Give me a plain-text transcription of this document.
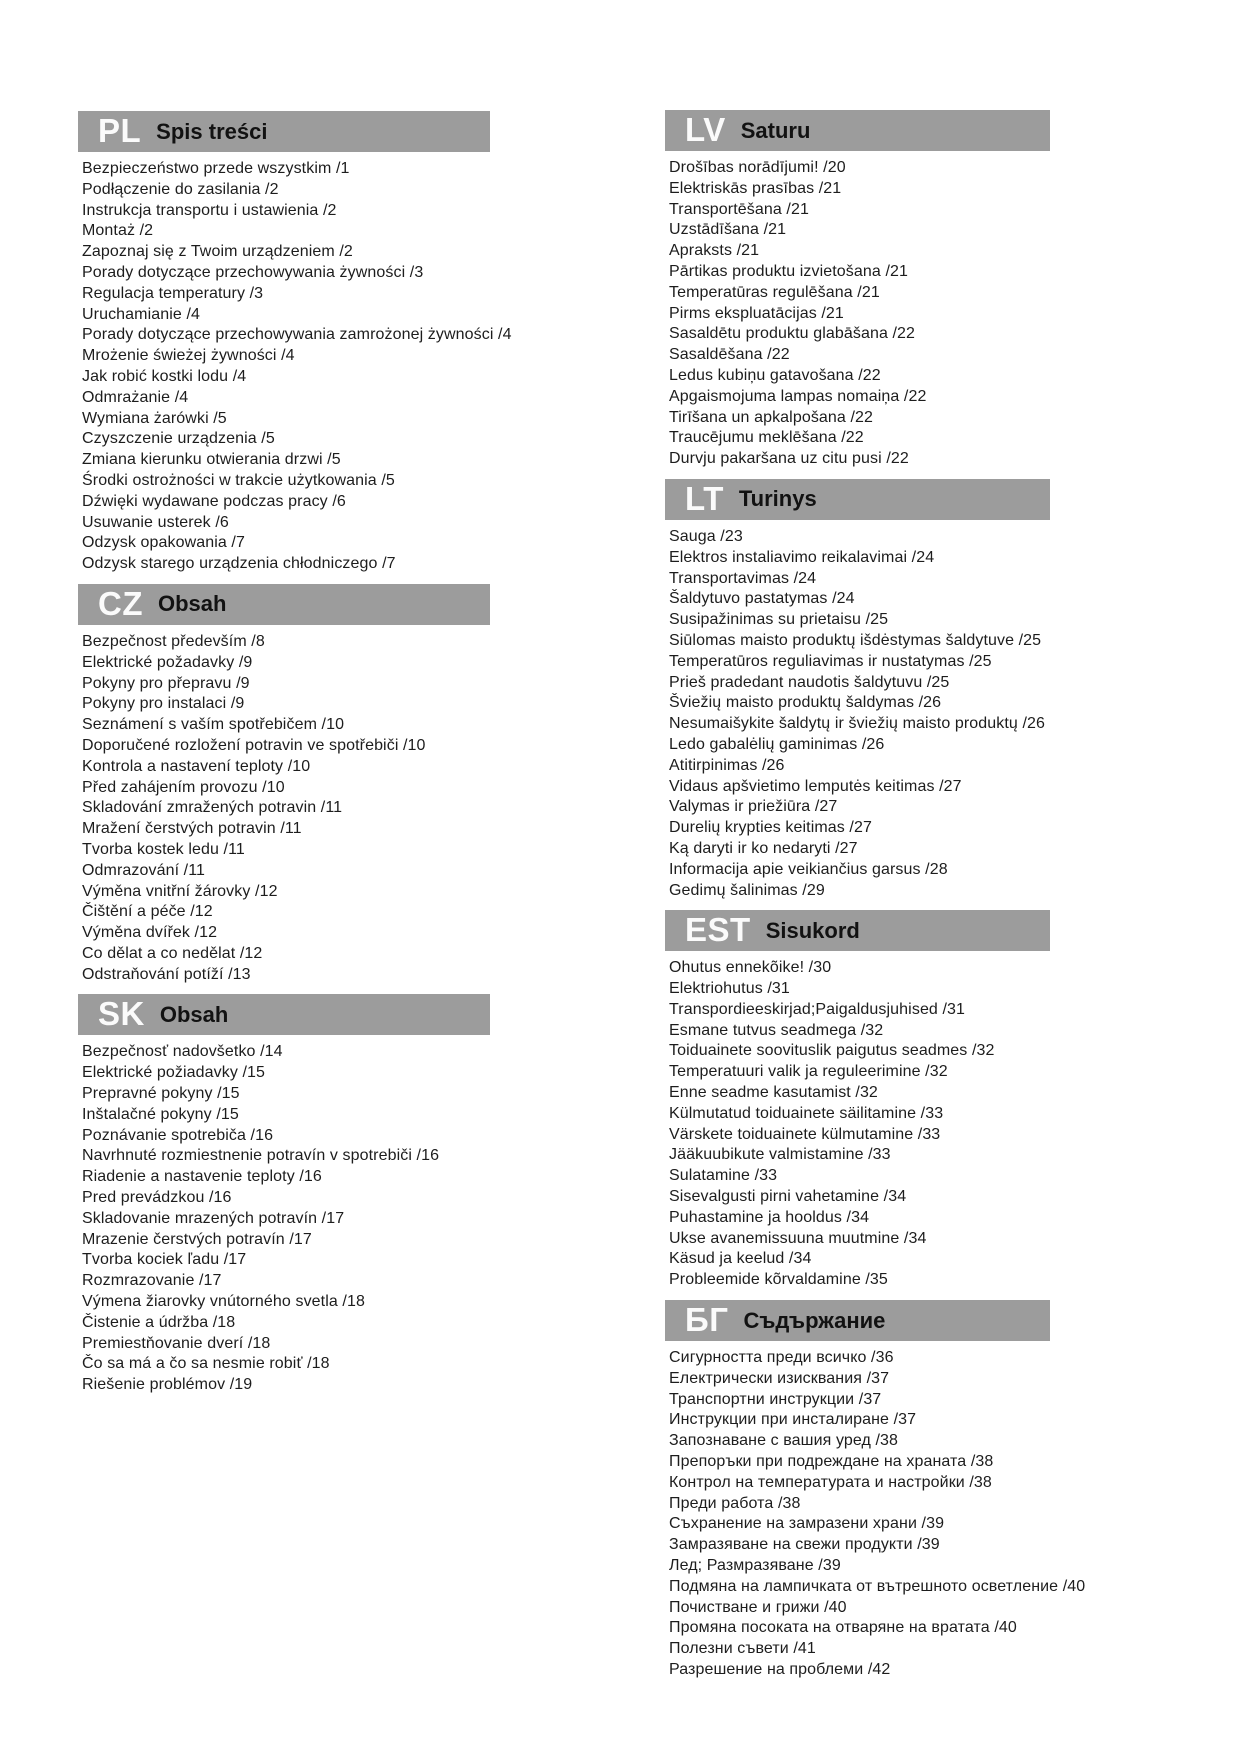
PL Spis treści
Bezpieczeństwo przede wszystkim /1
Podłączenie do zasilania /2
Instrukcja transportu i ustawienia /2
Montaż /2
Zapoznaj się z Twoim urządzeniem /2
Porady dotyczące przechowywania żywności /3
Regulacja temperatury /3
Uruchamianie /4
Porady dotyczące przechowywania zamrożonej żywności /4
Mrożenie świeżej żywności /4
Jak robić kostki lodu /4
Odmrażanie /4
Wymiana żarówki /5
Czyszczenie urządzenia /5
Zmiana kierunku otwierania drzwi /5
Środki ostrożności w trakcie użytkowania /5
Dźwięki wydawane podczas pracy /6
Usuwanie usterek /6
Odzysk opakowania /7
Odzysk starego urządzenia chłodniczego /7
CZ Obsah
Bezpečnost především /8
Elektrické požadavky /9
Pokyny pro přepravu /9
Pokyny pro instalaci /9
Seznámení s vaším spotřebičem /10
Doporučené rozložení potravin ve spotřebiči /10
Kontrola a nastavení teploty /10
Před zahájením provozu /10
Skladování zmražených potravin /11
Mražení čerstvých potravin /11
Tvorba kostek ledu /11
Odmrazování /11
Výměna vnitřní žárovky /12
Čištění a péče /12
Výměna dvířek /12
Co dělat a co nedělat /12
Odstraňování potíží /13
SK Obsah
Bezpečnosť nadovšetko /14
Elektrické požiadavky /15
Prepravné pokyny /15
Inštalačné pokyny /15
Poznávanie spotrebiča /16
Navrhnuté rozmiestnenie potravín v spotrebiči /16
Riadenie a nastavenie teploty /16
Pred prevádzkou /16
Skladovanie mrazených potravín /17
Mrazenie čerstvých potravín /17
Tvorba kociek ľadu /17
Rozmrazovanie /17
Výmena žiarovky vnútorného svetla /18
Čistenie a údržba /18
Premiestňovanie dverí /18
Čo sa má a čo sa nesmie robiť /18
Riešenie problémov /19
LV Saturu
Drošības norādījumi! /20
Elektriskās prasības /21
Transportēšana /21
Uzstādīšana /21
Apraksts /21
Pārtikas produktu izvietošana /21
Temperatūras regulēšana /21
Pirms ekspluatācijas /21
Sasaldētu produktu glabāšana /22
Sasaldēšana /22
Ledus kubiņu gatavošana /22
Apgaismojuma lampas nomaiņa /22
Tirīšana un apkalpošana /22
Traucējumu meklēšana /22
Durvju pakaršana uz citu pusi /22
LT Turinys
Sauga /23
Elektros instaliavimo reikalavimai /24
Transportavimas /24
Šaldytuvo pastatymas /24
Susipažinimas su prietaisu /25
Siūlomas maisto produktų išdėstymas šaldytuve /25
Temperatūros reguliavimas ir nustatymas /25
Prieš pradedant naudotis šaldytuvu /25
Šviežių maisto produktų šaldymas /26
Nesumaišykite šaldytų ir šviežių maisto produktų /26
Ledo gabalėlių gaminimas /26
Atitirpinimas /26
Vidaus apšvietimo lemputės keitimas /27
Valymas ir priežiūra /27
Durelių krypties keitimas /27
Ką daryti ir ko nedaryti /27
Informacija apie veikiančius garsus /28
Gedimų šalinimas /29
EST Sisukord
Ohutus ennekõike! /30
Elektriohutus /31
Transpordieeskirjad;Paigaldusjuhised /31
Esmane tutvus seadmega /32
Toiduainete soovituslik paigutus seadmes /32
Temperatuuri valik ja reguleerimine /32
Enne seadme kasutamist /32
Külmutatud toiduainete säilitamine /33
Värskete toiduainete külmutamine /33
Jääkuubikute valmistamine /33
Sulatamine /33
Sisevalgusti pirni vahetamine /34
Puhastamine ja hooldus /34
Ukse avanemissuuna muutmine /34
Käsud ja keelud /34
Probleemide kõrvaldamine /35
БГ Съдържание
Сигурността преди всичко /36
Електрически изисквания /37
Транспортни инструкции /37
Инструкции при инсталиране /37
Запознаване с вашия уред /38
Препоръки при подреждане на храната /38
Контрол на температурата и настройки /38
Преди работа /38
Съхранение на замразени храни /39
Замразяване на свежи продукти /39
Лед; Размразяване /39
Подмяна на лампичката от вътрешното осветление /40
Почистване и грижи /40
Промяна посоката на отваряне на вратата /40
Полезни съвети /41
Разрешение на проблеми /42
